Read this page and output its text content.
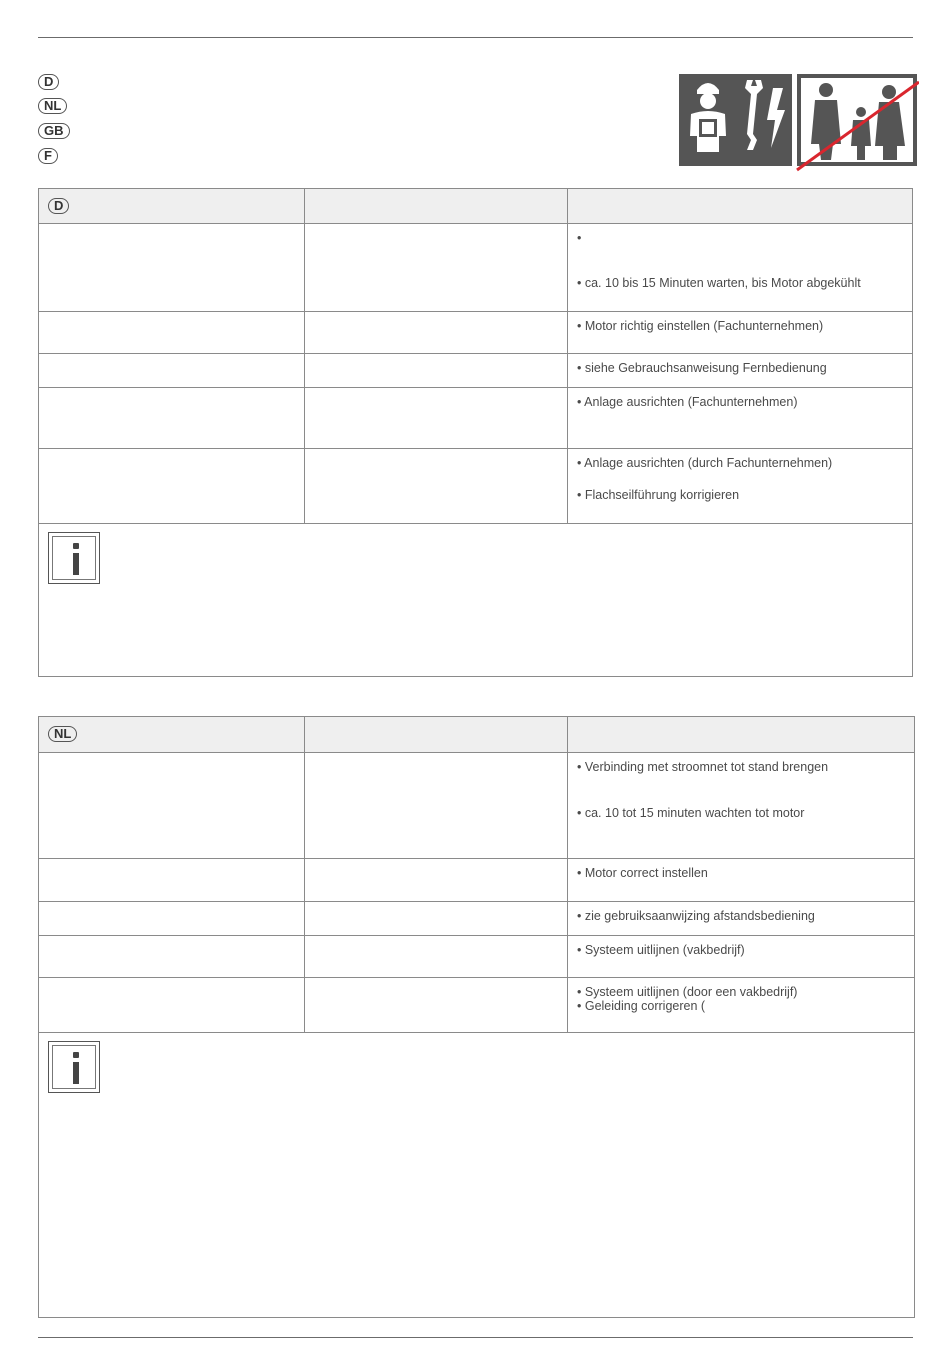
D
NL
GB
F
D
•
• ca. 10 bis 15 Minuten warten, bis Motor abgekühlt
• Motor richtig einstellen (Fachunternehmen)
• siehe Gebrauchsanweisung Fernbedienung
• Anlage ausrichten (Fachunternehmen)
• Anlage ausrichten (durch Fachunternehmen)
• Flachseilführung korrigieren
NL
• Verbinding met stroomnet tot stand brengen
• ca. 10 tot 15 minuten wachten tot motor
• Motor correct instellen
• zie gebruiksaanwijzing afstandsbediening
• Systeem uitlijnen (vakbedrijf)
• Systeem uitlijnen (door een vakbedrijf)
• Geleiding corrigeren (
